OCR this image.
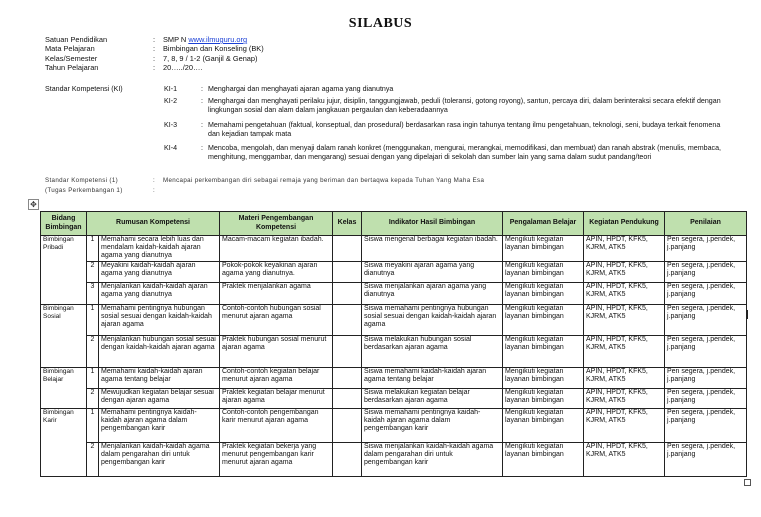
SILABUS
Satuan Pendidikan	: SMP N www.ilmuguru.org
Mata Pelajaran	: Bimbingan dan Konseling (BK)
Kelas/Semester	: 7, 8, 9 / 1-2 (Ganjil & Genap)
Tahun Pelajaran	: 20…../20….
Standar Kompetensi (KI)	KI-1	: Menghargai dan menghayati ajaran agama yang dianutnya
KI-2	: Menghargai dan menghayati perilaku jujur, disiplin, tanggungjawab, peduli (toleransi, gotong royong), santun, percaya diri, dalam berinteraksi secara efektif dengan lingkungan sosial dan alam dalam jangkauan pergaulan dan keberadaannya
KI-3	: Memahami pengetahuan (faktual, konseptual, dan prosedural) berdasarkan rasa ingin tahunya tentang ilmu pengetahuan, teknologi, seni, budaya terkait fenomena dan kejadian tampak mata
KI-4	: Mencoba, mengolah, dan menyaji dalam ranah konkret (menggunakan, mengurai, merangkai, memodifikasi, dan membuat) dan ranah abstrak (menulis, membaca, menghitung, menggambar, dan mengarang) sesuai dengan yang dipelajari di sekolah dan sumber lain yang sama dalam sudut pandang/teori
Standar Kompetensi (1)	: Mencapai perkembangan diri sebagai remaja yang beriman dan bertaqwa kepada Tuhan Yang Maha Esa
(Tugas Perkembangan 1)	:
✥
Bidang Bimbingan	Rumusan Kompetensi		Materi Pengembangan Kompetensi	Kelas	Indikator Hasil Bimbingan	Pengalaman Belajar	Kegiatan Pendukung	Penilaian
Bimbingan Pribadi	1	Memahami secara lebih luas dan mendalam kaidah-kaidah ajaran agama yang dianutnya	Macam-macam kegiatan ibadah.		Siswa mengenal berbagai kegiatan ibadah.	Mengikuti kegiatan layanan bimbingan	APIN, HPDT, KFK5, KJRM, ATK5	Pen segera, j.pendek, j.panjang
	2	Meyakini kaidah-kaidah ajaran agama yang dianutnya	Pokok-pokok keyakinan ajaran agama yang dianutnya.		Siswa meyakini ajaran agama yang dianutnya	Mengikuti kegiatan layanan bimbingan	APIN, HPDT, KFK5, KJRM, ATK5	Pen segera, j.pendek, j.panjang
	3	Menjalankan kaidah-kaidah ajaran agama yang dianutnya	Praktek menjalankan agama		Siswa menjalankan ajaran agama yang dianutnya	Mengikuti kegiatan layanan bimbingan	APIN, HPDT, KFK5, KJRM, ATK5	Pen segera, j.pendek, j.panjang
Bimbingan Sosial	1	Memahami pentingnya hubungan sosial sesuai dengan kaidah-kaidah ajaran agama	Contoh-contoh hubungan sosial menurut ajaran agama		Siswa memahami pentingnya hubungan sosial sesuai dengan kaidah-kaidah ajaran agama	Mengikuti kegiatan layanan bimbingan	APIN, HPDT, KFK5, KJRM, ATK5	Pen segera, j.pendek, j.panjang
	2	Menjalankan hubungan sosial sesuai dengan kaidah-kaidah ajaran agama	Praktek hubungan sosial menurut ajaran agama		Siswa melakukan hubungan sosial berdasarkan ajaran agama	Mengikuti kegiatan layanan bimbingan	APIN, HPDT, KFK5, KJRM, ATK5	Pen segera, j.pendek, j.panjang
Bimbingan Belajar	1	Memahami kaidah-kaidah ajaran agama tentang belajar	Contoh-contoh kegiatan belajar menurut ajaran agama		Siswa memahami kaidah-kaidah ajaran agama tentang belajar	Mengikuti kegiatan layanan bimbingan	APIN, HPDT, KFK5, KJRM, ATK5	Pen segera, j.pendek, j.panjang
	2	Mewujudkan kegiatan belajar sesuai dengan ajaran agama	Praktek kegiatan belajar menurut ajaran agama		Siswa melakukan kegiatan belajar berdasarkan ajaran agama	Mengikuti kegiatan layanan bimbingan	APIN, HPDT, KFK5, KJRM, ATK5	Pen segera, j.pendek, j.panjang
Bimbingan Karir	1	Memahami pentingnya kaidah-kaidah ajaran agama dalam pengembangan karir	Contoh-contoh pengembangan karir menurut ajaran agama		Siswa memahami pentingnya kaidah-kaidah ajaran agama dalam pengembangan karir	Mengikuti kegiatan layanan bimbingan	APIN, HPDT, KFK5, KJRM, ATK5	Pen segera, j.pendek, j.panjang
	2	Menjalankan kaidah-kaidah agama dalam pengarahan diri untuk pengembangan karir	Praktek kegiatan bekerja yang menurut pengembangan karir menurut ajaran agama		Siswa menjalankan kaidah-kaidah agama dalam pengarahan diri untuk pengembangan karir	Mengikuti kegiatan layanan bimbingan	APIN, HPDT, KFK5, KJRM, ATK5	Pen segera, j.pendek, j.panjang
